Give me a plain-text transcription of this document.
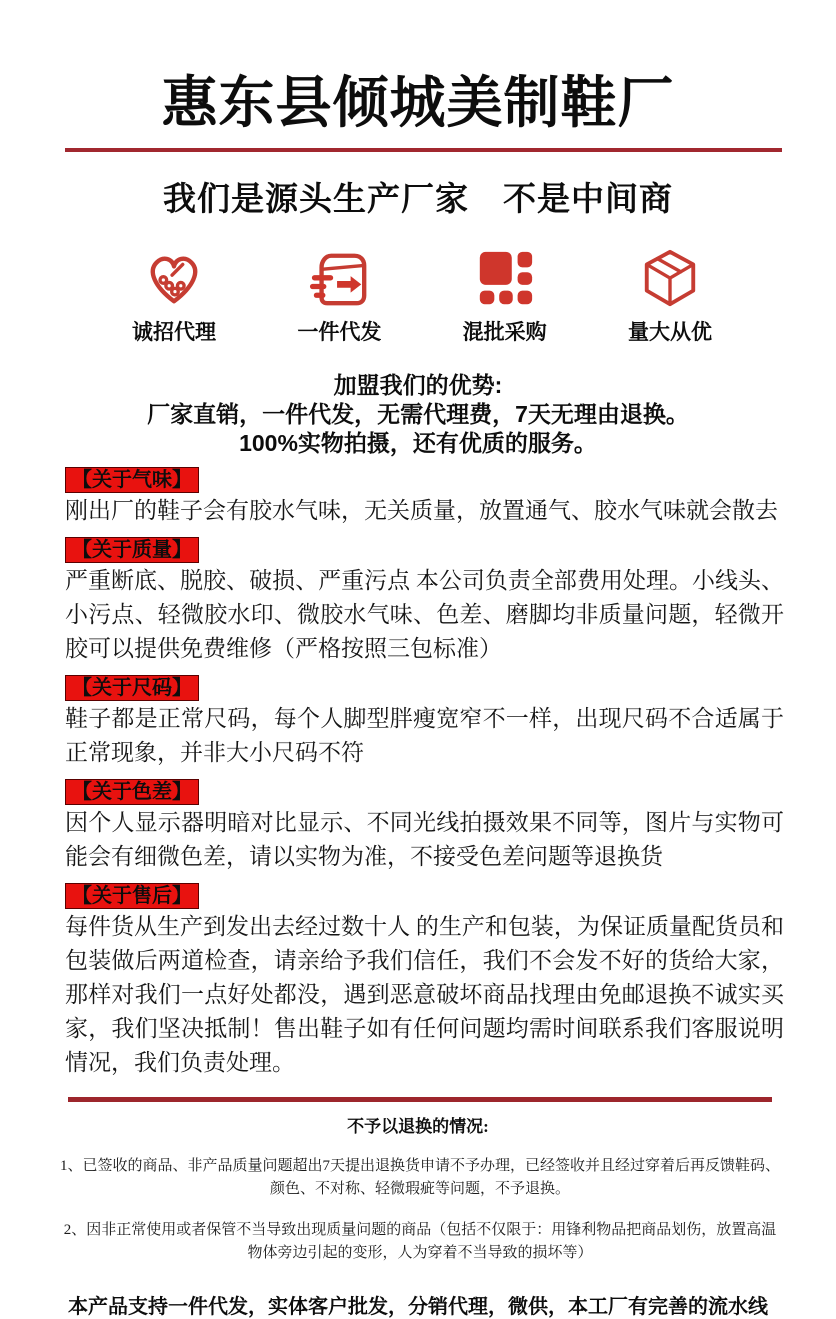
惠东县倾城美制鞋厂
我们是源头生产厂家　不是中间商
诚招代理	一件代发	混批采购	量大从优
加盟我们的优势:
厂家直销，一件代发，无需代理费，7天无理由退换。
100%实物拍摄，还有优质的服务。
【关于气味】
刚出厂的鞋子会有胶水气味，无关质量，放置通气、胶水气味就会散去
【关于质量】
严重断底、脱胶、破损、严重污点 本公司负责全部费用处理。小线头、小污点、轻微胶水印、微胶水气味、色差、磨脚均非质量问题，轻微开胶可以提供免费维修（严格按照三包标准）
【关于尺码】
鞋子都是正常尺码，每个人脚型胖瘦宽窄不一样，出现尺码不合适属于正常现象，并非大小尺码不符
【关于色差】
因个人显示器明暗对比显示、不同光线拍摄效果不同等，图片与实物可能会有细微色差，请以实物为准，不接受色差问题等退换货
【关于售后】
每件货从生产到发出去经过数十人 的生产和包装，为保证质量配货员和包装做后两道检查，请亲给予我们信任，我们不会发不好的货给大家，那样对我们一点好处都没，遇到恶意破坏商品找理由免邮退换不诚实买家，我们坚决抵制！售出鞋子如有任何问题均需时间联系我们客服说明情况，我们负责处理。
不予以退换的情况:
1、已签收的商品、非产品质量问题超出7天提出退换货申请不予办理，已经签收并且经过穿着后再反馈鞋码、颜色、不对称、轻微瑕疵等问题，不予退换。
2、因非正常使用或者保管不当导致出现质量问题的商品（包括不仅限于：用锋利物品把商品划伤，放置高温物体旁边引起的变形，人为穿着不当导致的损坏等）
本产品支持一件代发，实体客户批发，分销代理，微供，本工厂有完善的流水线
